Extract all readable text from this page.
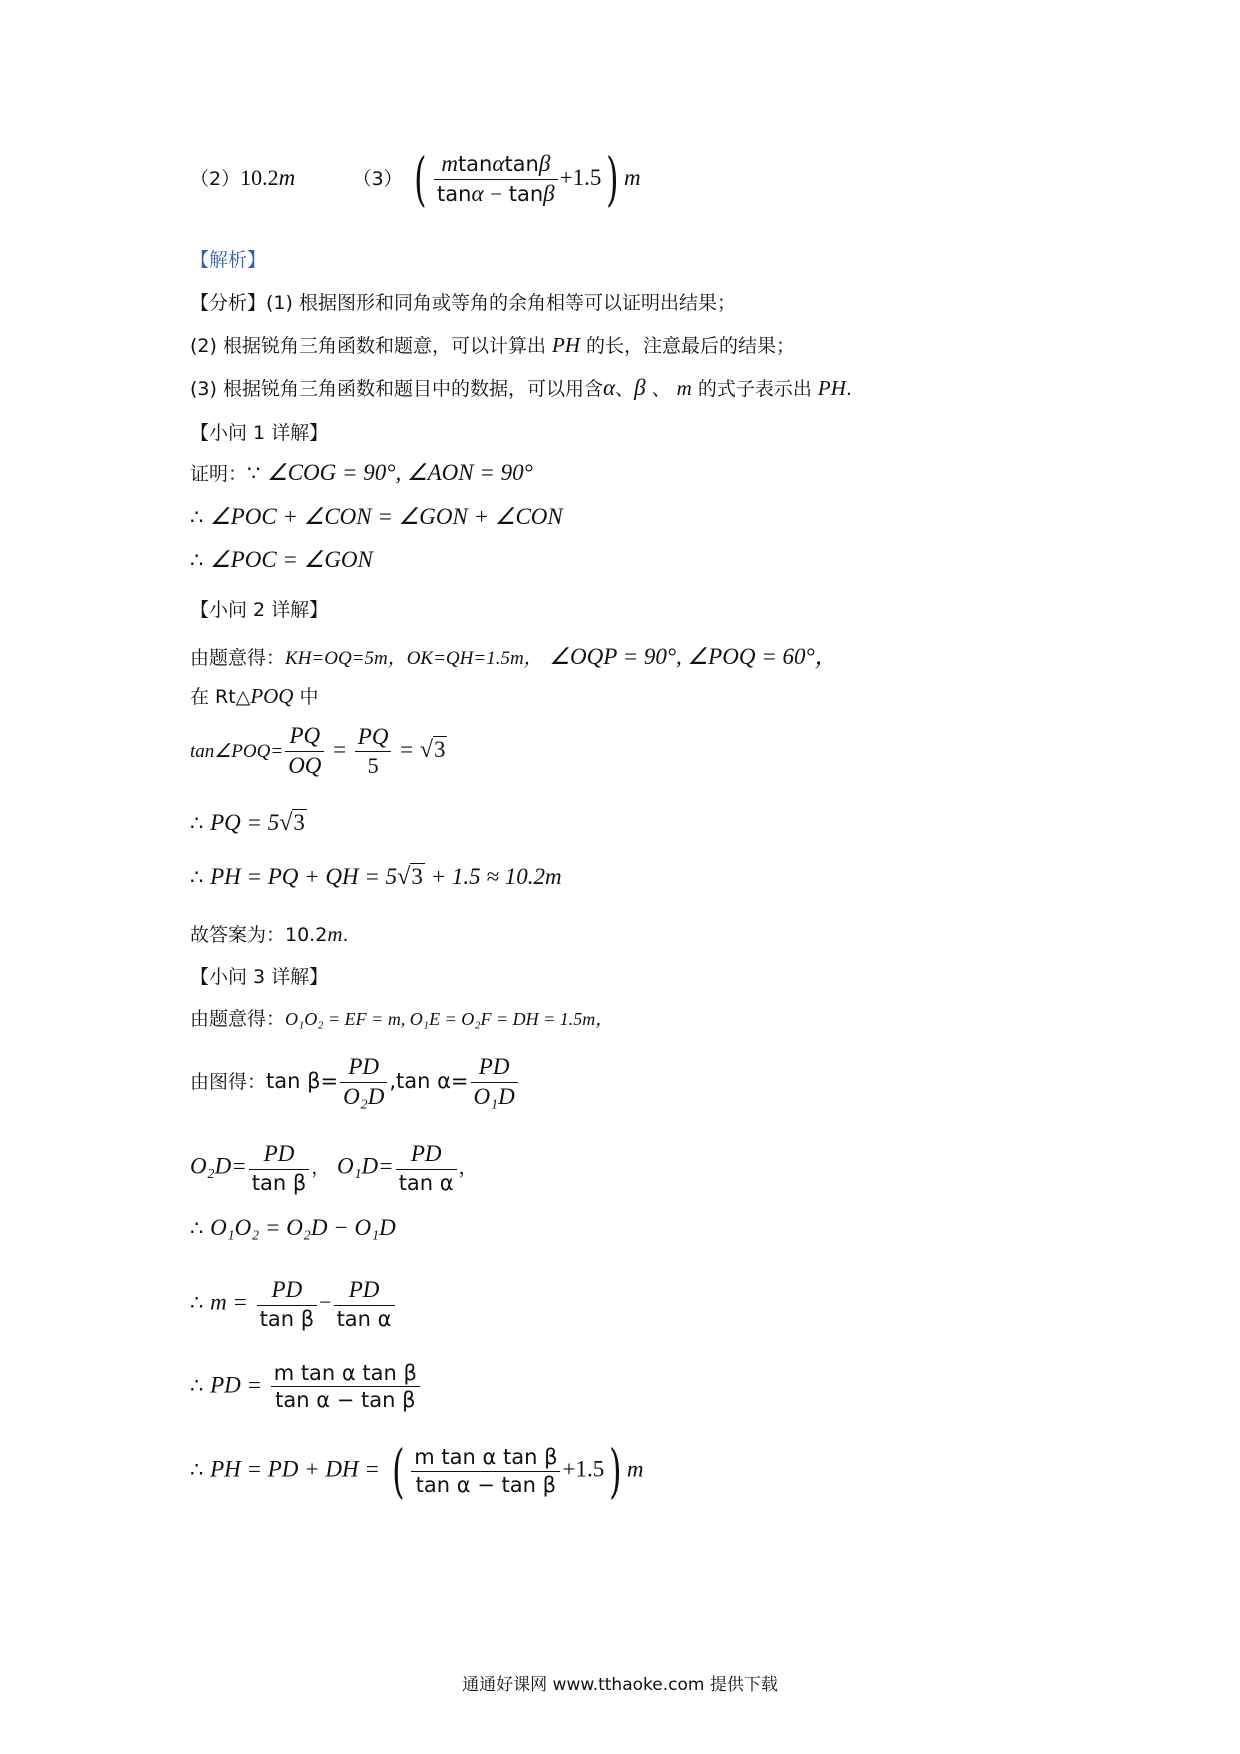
（2）10.2m	（3） ( $\frac{mtan\alpha\tan\beta}{\tan\alpha - \tan\beta} +1.5$) m
【解析】
【分析】(1) 根据图形和同角或等角的余角相等可以证明出结果；
(2) 根据锐角三角函数和题意，可以计算出 PH 的长，注意最后的结果；
(3) 根据锐角三角函数和题目中的数据，可以用含α、β 、 m 的式子表示出 PH.
【小问 1 详解】
证明：∵ ∠COG = 90°, ∠AON = 90°
∴ ∠POC + ∠CON = ∠GON + ∠CON
∴ ∠POC = ∠GON
【小问 2 详解】
由题意得：KH=OQ=5m，OK=QH=1.5m， ∠OQP = 90°, ∠POQ = 60°，
在 Rt△POQ 中
tan∠POQ= $\frac{PQ}{OQ} = \frac{PQ}{5} = √3$
∴ PQ = 5√3
∴ PH = PQ + QH = 5√3 + 1.5 ≈ 10.2m
故答案为：10.2m.
【小问 3 详解】
由题意得：O₁O₂ = EF = m, O₁E = O₂F = DH = 1.5m，
由图得：$\tan \beta= \frac{PD}{\text{O₂D}} ,\tan$ $\alpha= \frac{PD}{\text{O₁D}}$
$O_2D= \frac{PD}{\text{tan β}}$ ， $O_1D= \frac{PD}{\text{tan α}}$ ，
∴ O₁O₂ = O₂D − O₁D
∴ $m = \frac{PD}{\text{tan β}} - \frac{PD}{\text{tan α}}$
∴ PD = $\frac{\text{m tan α tan β}}{\text{tan α − tan β}}$
∴ PH = PD + DH = ( $\frac{\text{m tan α tan β}}{\text{tan α − tan β}} +1.5$) m
通通好课网 www.tthaoke.com 提供下载
